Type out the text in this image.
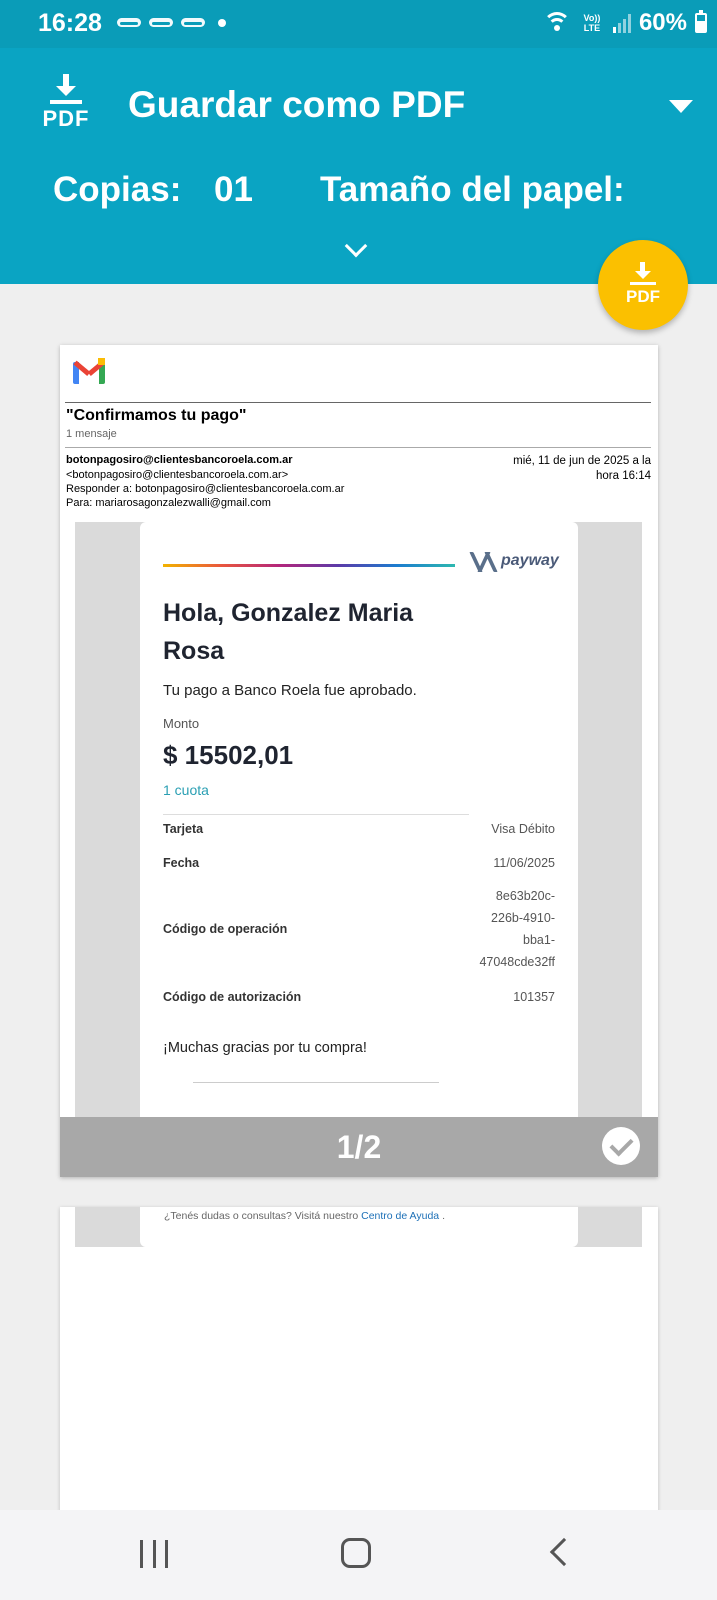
16:28	Vo)) LTE 60%
PDF Guardar como PDF
Copias: 01 Tamaño del papel:
PDF
"Confirmamos tu pago"
1 mensaje
botonpagosiro@clientesbancoroela.com.ar	mié, 11 de jun de 2025 a la
hora 16:14
<botonpagosiro@clientesbancoroela.com.ar>
Responder a: botonpagosiro@clientesbancoroela.com.ar
Para: mariarosagonzalezwalli@gmail.com
payway
Hola, Gonzalez Maria Rosa
Tu pago a Banco Roela fue aprobado.
Monto
$ 15502,01
1 cuota
Tarjeta	Visa Débito
Fecha	11/06/2025
Código de operación
8e63b20c-
226b-4910-
bba1-
47048cde32ff
Código de autorización	101357
¡Muchas gracias por tu compra!
1/2
¿Tenés dudas o consultas? Visitá nuestro Centro de Ayuda .
